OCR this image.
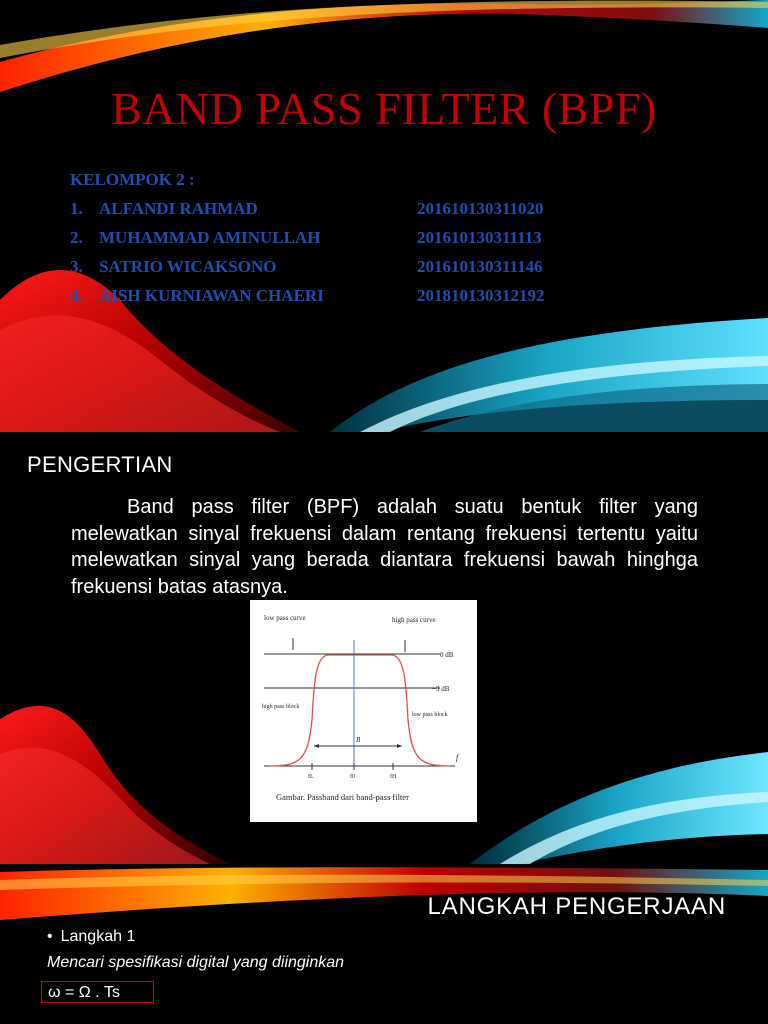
BAND PASS FILTER (BPF)
KELOMPOK 2 :
1. ALFANDI RAHMAD	201610130311020
2. MUHAMMAD AMINULLAH	201610130311113
3. SATRIO WICAKSONO	201610130311146
4. AISH KURNIAWAN CHAERI	201810130312192
PENGERTIAN
Band pass filter (BPF) adalah suatu bentuk filter yang melewatkan sinyal frekuensi dalam rentang frekuensi tertentu yaitu melewatkan sinyal yang berada diantara frekuensi bawah hinghga frekuensi batas atasnya.
low pass curve	high pass curve
0 dB
−3 dB
high pass block
low pass block
B
fL	f0	fH
f
Gambar. Passband dari band-pass filter
LANGKAH PENGERJAAN
• Langkah 1
Mencari spesifikasi digital yang diinginkan
ω = Ω . Ts
